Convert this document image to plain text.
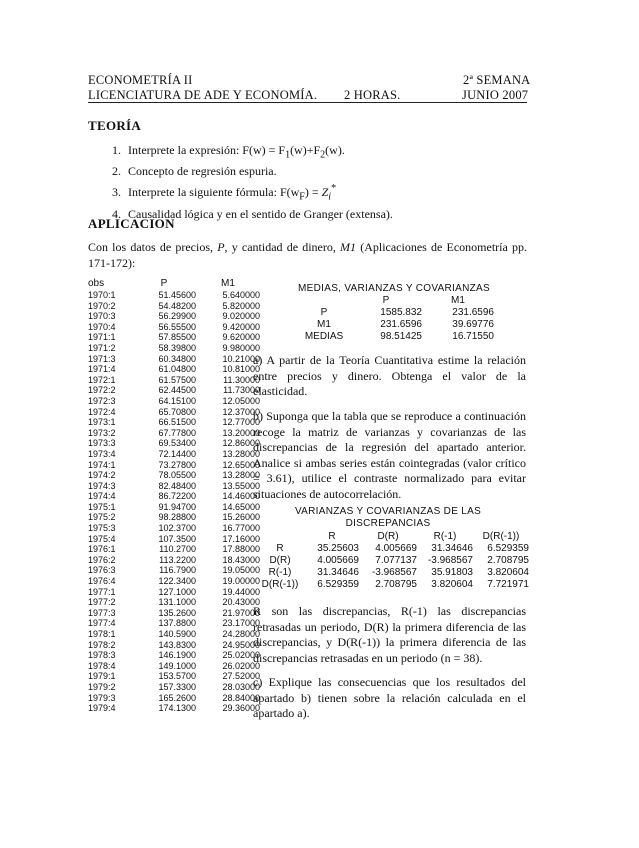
ECONOMETRÍA II	2ª SEMANA
LICENCIATURA DE ADE Y ECONOMÍA. 2 HORAS.	JUNIO 2007
TEORÍA
1. Interprete la expresión: $F(w) = F_1(w)+F_2(w)$.
2. Concepto de regresión espuria.
3. Interprete la siguiente fórmula: $F(w_F) = Z_i^*$
4. Causalidad lógica y en el sentido de Granger (extensa).
APLICACION
Con los datos de precios, P, y cantidad de dinero, M1 (Aplicaciones de Econometría pp. 171-172):
obs	P	M1
1970:1	51.45600	5.640000
1970:2	54.48200	5.820000
1970:3	56.29900	9.020000
1970:4	56.55500	9.420000
1971:1	57.85500	9.620000
1971:2	58.39800	9.980000
1971:3	60.34800	10.21000
1971:4	61.04800	10.81000
1972:1	61.57500	11.30000
1972:2	62.44500	11.73000
1972:3	64.15100	12.05000
1972:4	65.70800	12.37000
1973:1	66.51500	12.77000
1973:2	67.77800	13.20000
1973:3	69.53400	12.86000
1973:4	72.14400	13.28000
1974:1	73.27800	12.65000
1974:2	78.05500	13.28000
1974:3	82.48400	13.55000
1974:4	86.72200	14.46000
1975:1	91.94700	14.65000
1975:2	98.28800	15.26000
1975:3	102.3700	16.77000
1975:4	107.3500	17.16000
1976:1	110.2700	17.88000
1976:2	113.2200	18.43000
1976:3	116.7900	19.05000
1976:4	122.3400	19.00000
1977:1	127.1000	19.44000
1977:2	131.1000	20.43000
1977:3	135.2600	21.97000
1977:4	137.8800	23.17000
1978:1	140.5900	24.28000
1978:2	143.8300	24.95000
1978:3	146.1900	25.02000
1978:4	149.1000	26.02000
1979:1	153.5700	27.52000
1979:2	157.3300	28.03000
1979:3	165.2600	28.84000
1979:4	174.1300	29.36000
MEDIAS, VARIANZAS Y COVARIANZAS
	P	M1
P	1585.832	231.6596
M1	231.6596	39.69776
MEDIAS	98.51425	16.71550
a) A partir de la Teoría Cuantitativa estime la relación entre precios y dinero. Obtenga el valor de la elasticidad.
b) Suponga que la tabla que se reproduce a continuación recoge la matriz de varianzas y covarianzas de las discrepancias de la regresión del apartado anterior. Analice si ambas series están cointegradas (valor crítico = 3.61), utilice el contraste normalizado para evitar situaciones de autocorrelación.
VARIANZAS Y COVARIANZAS DE LAS DISCREPANCIAS
	R	D(R)	R(-1)	D(R(-1))
R	35.25603	4.005669	31.34646	6.529359
D(R)	4.005669	7.077137	-3.968567	2.708795
R(-1)	31.34646	-3.968567	35.91803	3.820604
D(R(-1))	6.529359	2.708795	3.820604	7.721971
R son las discrepancias, R(-1) las discrepancias retrasadas un periodo, D(R) la primera diferencia de las discrepancias, y D(R(-1)) la primera diferencia de las discrepancias retrasadas en un periodo (n = 38).
c) Explique las consecuencias que los resultados del apartado b) tienen sobre la relación calculada en el apartado a).
